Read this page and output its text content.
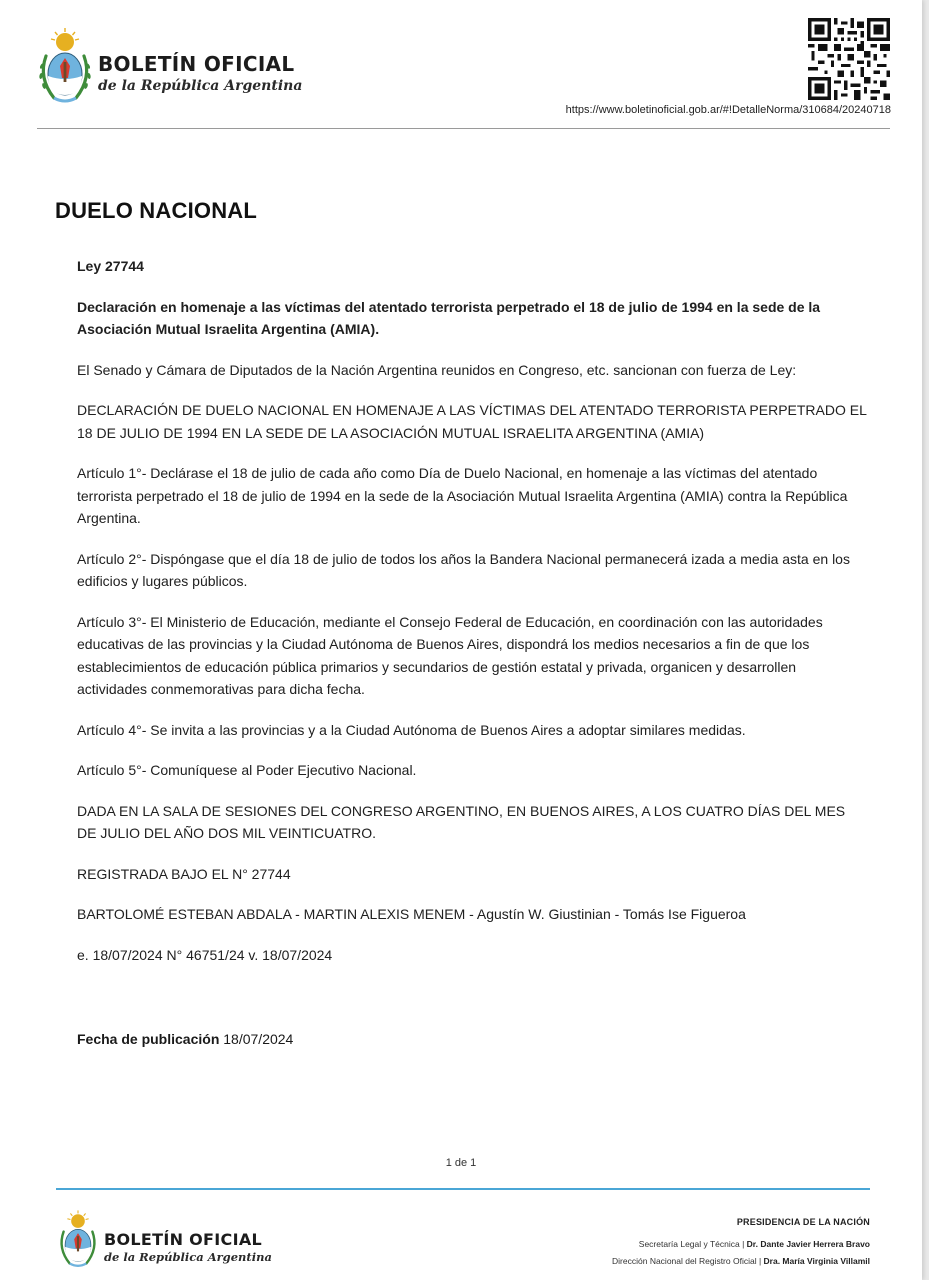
BOLETÍN OFICIAL
de la República Argentina
https://www.boletinoficial.gob.ar/#!DetalleNorma/310684/20240718
DUELO NACIONAL

Ley 27744

Declaración en homenaje a las víctimas del atentado terrorista perpetrado el 18 de julio de 1994 en la sede de la Asociación Mutual Israelita Argentina (AMIA).

El Senado y Cámara de Diputados de la Nación Argentina reunidos en Congreso, etc. sancionan con fuerza de Ley:

DECLARACIÓN DE DUELO NACIONAL EN HOMENAJE A LAS VÍCTIMAS DEL ATENTADO TERRORISTA PERPETRADO EL 18 DE JULIO DE 1994 EN LA SEDE DE LA ASOCIACIÓN MUTUAL ISRAELITA ARGENTINA (AMIA)

Artículo 1°- Declárase el 18 de julio de cada año como Día de Duelo Nacional, en homenaje a las víctimas del atentado terrorista perpetrado el 18 de julio de 1994 en la sede de la Asociación Mutual Israelita Argentina (AMIA) contra la República Argentina.

Artículo 2°- Dispóngase que el día 18 de julio de todos los años la Bandera Nacional permanecerá izada a media asta en los edificios y lugares públicos.

Artículo 3°- El Ministerio de Educación, mediante el Consejo Federal de Educación, en coordinación con las autoridades educativas de las provincias y la Ciudad Autónoma de Buenos Aires, dispondrá los medios necesarios a fin de que los establecimientos de educación pública primarios y secundarios de gestión estatal y privada, organicen y desarrollen actividades conmemorativas para dicha fecha.

Artículo 4°- Se invita a las provincias y a la Ciudad Autónoma de Buenos Aires a adoptar similares medidas.

Artículo 5°- Comuníquese al Poder Ejecutivo Nacional.

DADA EN LA SALA DE SESIONES DEL CONGRESO ARGENTINO, EN BUENOS AIRES, A LOS CUATRO DÍAS DEL MES DE JULIO DEL AÑO DOS MIL VEINTICUATRO.

REGISTRADA BAJO EL N° 27744

BARTOLOMÉ ESTEBAN ABDALA - MARTIN ALEXIS MENEM - Agustín W. Giustinian - Tomás Ise Figueroa

e. 18/07/2024 N° 46751/24 v. 18/07/2024

Fecha de publicación 18/07/2024
1 de 1
BOLETÍN OFICIAL
de la República Argentina
PRESIDENCIA DE LA NACIÓN
Secretaría Legal y Técnica | Dr. Dante Javier Herrera Bravo
Dirección Nacional del Registro Oficial | Dra. María Virginia Villamil
